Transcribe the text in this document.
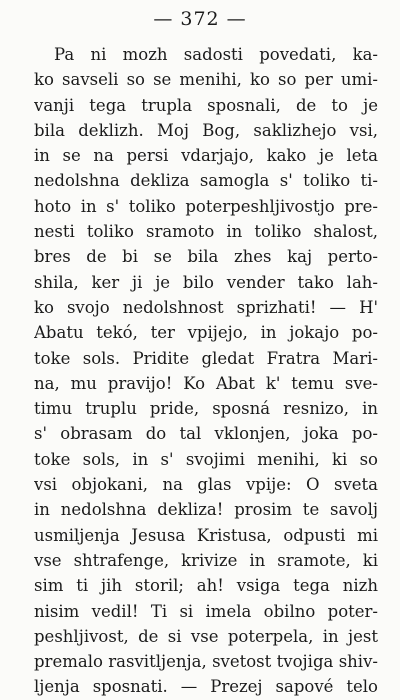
— 372 —
Pa ni mozh sadosti povedati, ka-
ko savseli so se menihi, ko so per umi-
vanji tega trupla sposnali, de to je
bila deklizh. Moj Bog, saklizhejo vsi,
in se na persi vdarjajo, kako je leta
nedolshna dekliza samogla s' toliko ti-
hoto in s' toliko poterpeshljivostjo pre-
nesti toliko sramoto in toliko shalost,
bres de bi se bila zhes kaj perto-
shila, ker ji je bilo vender tako lah-
ko svojo nedolshnost sprizhati! — H'
Abatu tekó, ter vpijejo, in jokajo po-
toke sols. Pridite gledat Fratra Mari-
na, mu pravijo! Ko Abat k' temu sve-
timu truplu pride, sposná resnizo, in
s' obrasam do tal vklonjen, joka po-
toke sols, in s' svojimi menihi, ki so
vsi objokani, na glas vpije: O sveta
in nedolshna dekliza! prosim te savolj
usmiljenja Jesusa Kristusa, odpusti mi
vse shtrafenge, krivize in sramote, ki
sim ti jih storil; ah! vsiga tega nizh
nisim vedil! Ti si imela obilno poter-
peshljivost, de si vse poterpela, in jest
premalo rasvitljenja, svetost tvojiga shiv-
ljenja sposnati. — Prezej sapové telo
